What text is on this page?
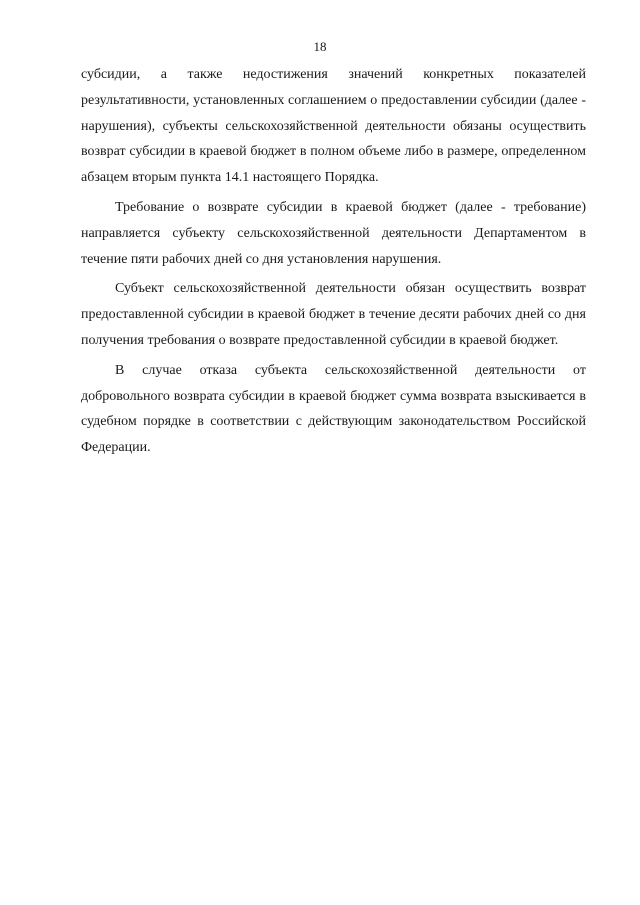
18

субсидии, а также недостижения значений конкретных показателей результативности, установленных соглашением о предоставлении субсидии (далее - нарушения), субъекты сельскохозяйственной деятельности обязаны осуществить возврат субсидии в краевой бюджет в полном объеме либо в размере, определенном абзацем вторым пункта 14.1 настоящего Порядка.

Требование о возврате субсидии в краевой бюджет (далее - требование) направляется субъекту сельскохозяйственной деятельности Департаментом в течение пяти рабочих дней со дня установления нарушения.

Субъект сельскохозяйственной деятельности обязан осуществить возврат предоставленной субсидии в краевой бюджет в течение десяти рабочих дней со дня получения требования о возврате предоставленной субсидии в краевой бюджет.

В случае отказа субъекта сельскохозяйственной деятельности от добровольного возврата субсидии в краевой бюджет сумма возврата взыскивается в судебном порядке в соответствии с действующим законодательством Российской Федерации.
